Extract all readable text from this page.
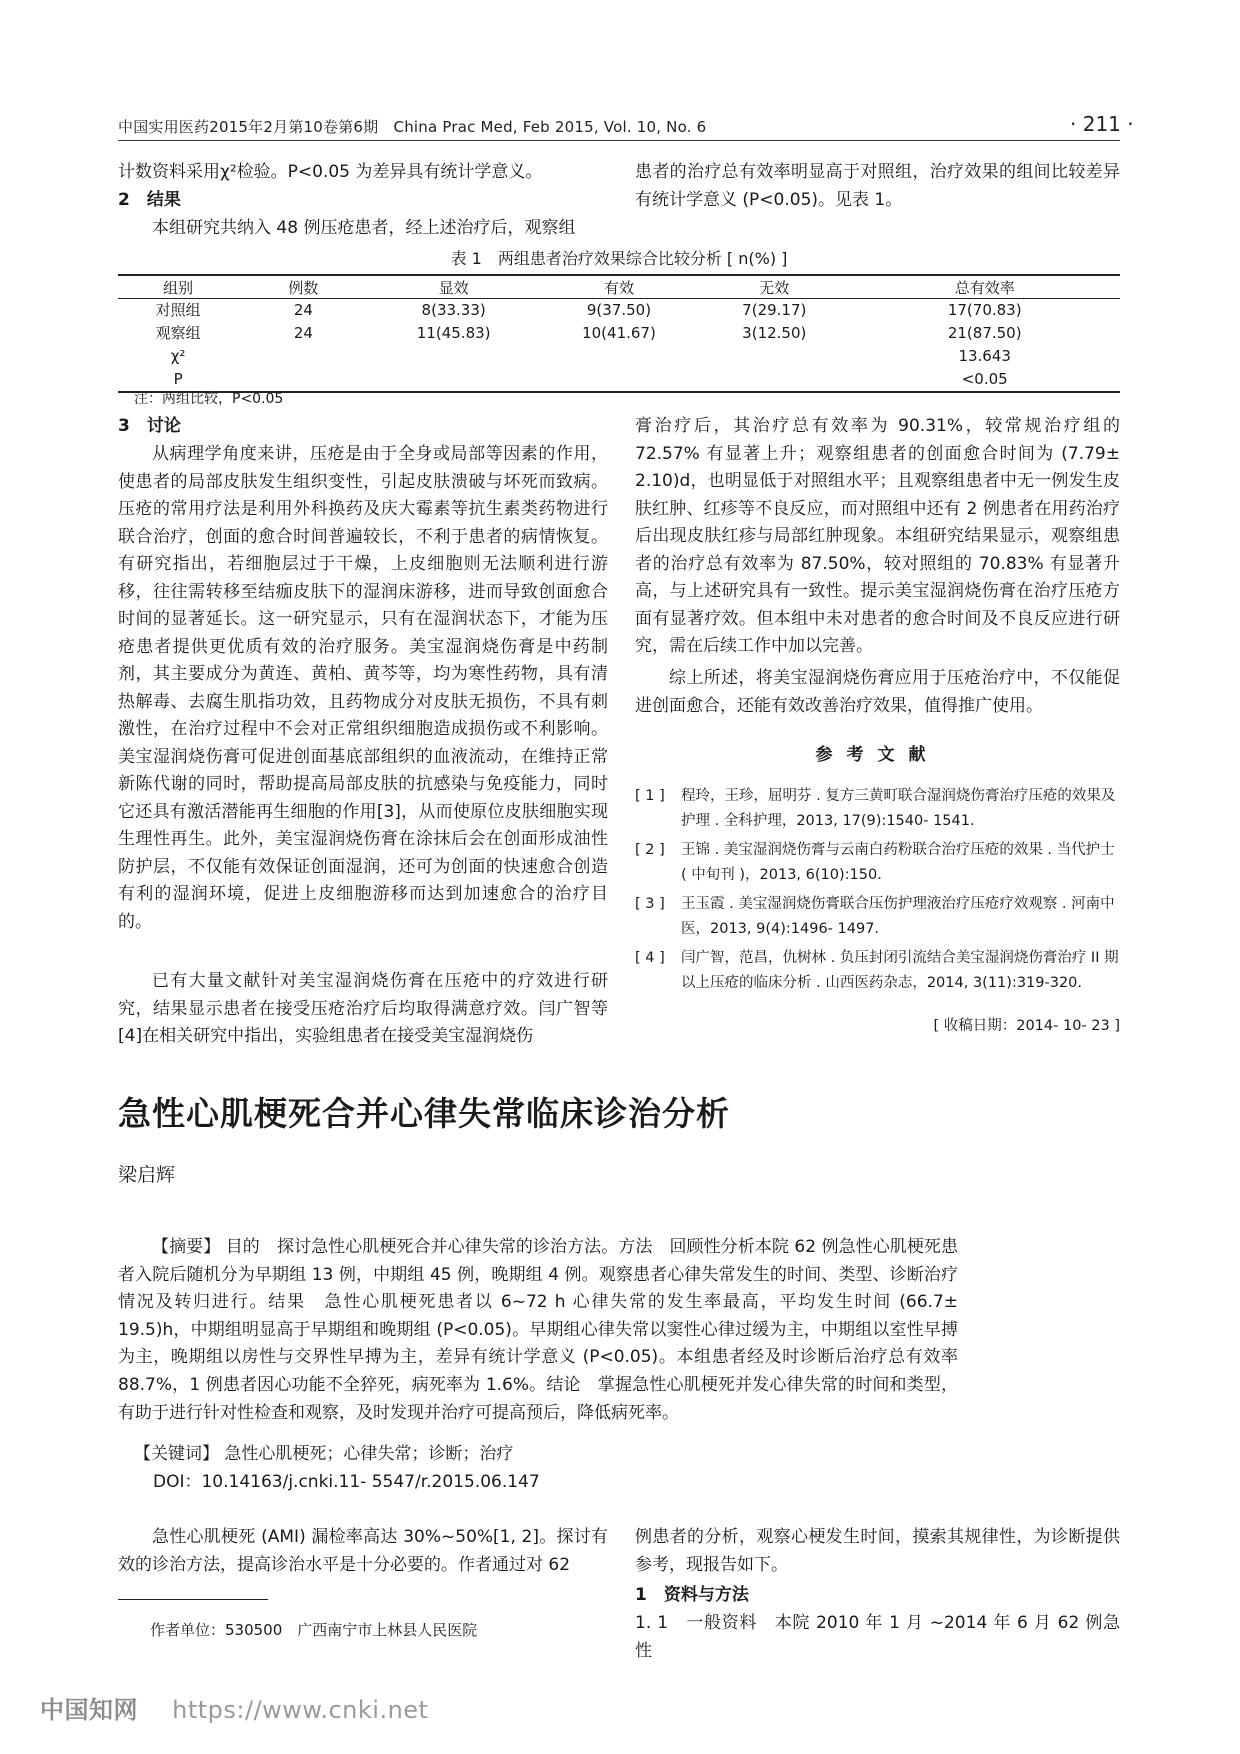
中国实用医药2015年2月第10卷第6期　China Prac Med, Feb 2015, Vol. 10, No. 6	· 211 ·

计数资料采用χ²检验。P<0.05 为差异具有统计学意义。

2　结果

本组研究共纳入 48 例压疮患者，经上述治疗后，观察组

患者的治疗总有效率明显高于对照组，治疗效果的组间比较差异有统计学意义 (P<0.05)。见表 1。

表 1　两组患者治疗效果综合比较分析 [ n(%) ]
组别	例数	显效	有效	无效	总有效率
对照组	24	8(33.33)	9(37.50)	7(29.17)	17(70.83)
观察组	24	11(45.83)	10(41.67)	3(12.50)	21(87.50)
χ²					13.643
P					<0.05
注：两组比较，P<0.05
3　讨论

从病理学角度来讲，压疮是由于全身或局部等因素的作用，使患者的局部皮肤发生组织变性，引起皮肤溃破与坏死而致病。压疮的常用疗法是利用外科换药及庆大霉素等抗生素类药物进行联合治疗，创面的愈合时间普遍较长，不利于患者的病情恢复。有研究指出，若细胞层过于干燥，上皮细胞则无法顺利进行游移，往往需转移至结痂皮肤下的湿润床游移，进而导致创面愈合时间的显著延长。这一研究显示，只有在湿润状态下，才能为压疮患者提供更优质有效的治疗服务。美宝湿润烧伤膏是中药制剂，其主要成分为黄连、黄柏、黄芩等，均为寒性药物，具有清热解毒、去腐生肌指功效，且药物成分对皮肤无损伤，不具有刺激性，在治疗过程中不会对正常组织细胞造成损伤或不利影响。美宝湿润烧伤膏可促进创面基底部组织的血液流动，在维持正常新陈代谢的同时，帮助提高局部皮肤的抗感染与免疫能力，同时它还具有激活潜能再生细胞的作用[3]，从而使原位皮肤细胞实现生理性再生。此外，美宝湿润烧伤膏在涂抹后会在创面形成油性防护层，不仅能有效保证创面湿润，还可为创面的快速愈合创造有利的湿润环境，促进上皮细胞游移而达到加速愈合的治疗目的。

已有大量文献针对美宝湿润烧伤膏在压疮中的疗效进行研究，结果显示患者在接受压疮治疗后均取得满意疗效。闫广智等[4]在相关研究中指出，实验组患者在接受美宝湿润烧伤

膏治疗后，其治疗总有效率为 90.31%，较常规治疗组的 72.57% 有显著上升；观察组患者的创面愈合时间为 (7.79± 2.10)d，也明显低于对照组水平；且观察组患者中无一例发生皮肤红肿、红疹等不良反应，而对照组中还有 2 例患者在用药治疗后出现皮肤红疹与局部红肿现象。本组研究结果显示，观察组患者的治疗总有效率为 87.50%，较对照组的 70.83% 有显著升高，与上述研究具有一致性。提示美宝湿润烧伤膏在治疗压疮方面有显著疗效。但本组中未对患者的愈合时间及不良反应进行研究，需在后续工作中加以完善。

综上所述，将美宝湿润烧伤膏应用于压疮治疗中，不仅能促进创面愈合，还能有效改善治疗效果，值得推广使用。

参考文献
[ 1 ]	程玲，王珍，屈明芬 . 复方三黄町联合湿润烧伤膏治疗压疮的效果及护理 . 全科护理，2013, 17(9):1540- 1541.
[ 2 ]	王锦 . 美宝湿润烧伤膏与云南白药粉联合治疗压疮的效果 . 当代护士 ( 中旬刊 )，2013, 6(10):150.
[ 3 ]	王玉霞 . 美宝湿润烧伤膏联合压伤护理液治疗压疮疗效观察 . 河南中医，2013, 9(4):1496- 1497.
[ 4 ]	闫广智，范昌，仇树林 . 负压封闭引流结合美宝湿润烧伤膏治疗 II 期以上压疮的临床分析 . 山西医药杂志，2014, 3(11):319-320.
[ 收稿日期：2014- 10- 23 ]
急性心肌梗死合并心律失常临床诊治分析
梁启辉

【摘要】 目的　探讨急性心肌梗死合并心律失常的诊治方法。方法　回顾性分析本院 62 例急性心肌梗死患者入院后随机分为早期组 13 例，中期组 45 例，晚期组 4 例。观察患者心律失常发生的时间、类型、诊断治疗情况及转归进行。结果　急性心肌梗死患者以 6~72 h 心律失常的发生率最高，平均发生时间 (66.7± 19.5)h，中期组明显高于早期组和晚期组 (P<0.05)。早期组心律失常以窦性心律过缓为主，中期组以室性早搏为主，晚期组以房性与交界性早搏为主，差异有统计学意义 (P<0.05)。本组患者经及时诊断后治疗总有效率 88.7%，1 例患者因心功能不全猝死，病死率为 1.6%。结论　掌握急性心肌梗死并发心律失常的时间和类型，有助于进行针对性检查和观察，及时发现并治疗可提高预后，降低病死率。

【关键词】 急性心肌梗死；心律失常；诊断；治疗
DOI：10.14163/j.cnki.11- 5547/r.2015.06.147

急性心肌梗死 (AMI) 漏检率高达 30%~50%[1, 2]。探讨有效的诊治方法，提高诊治水平是十分必要的。作者通过对 62

例患者的分析，观察心梗发生时间，摸索其规律性，为诊断提供参考，现报告如下。

1　资料与方法
1. 1　一般资料　本院 2010 年 1 月 ~2014 年 6 月 62 例急性
作者单位：530500　广西南宁市上林县人民医院
中国知网 https://www.cnki.net
